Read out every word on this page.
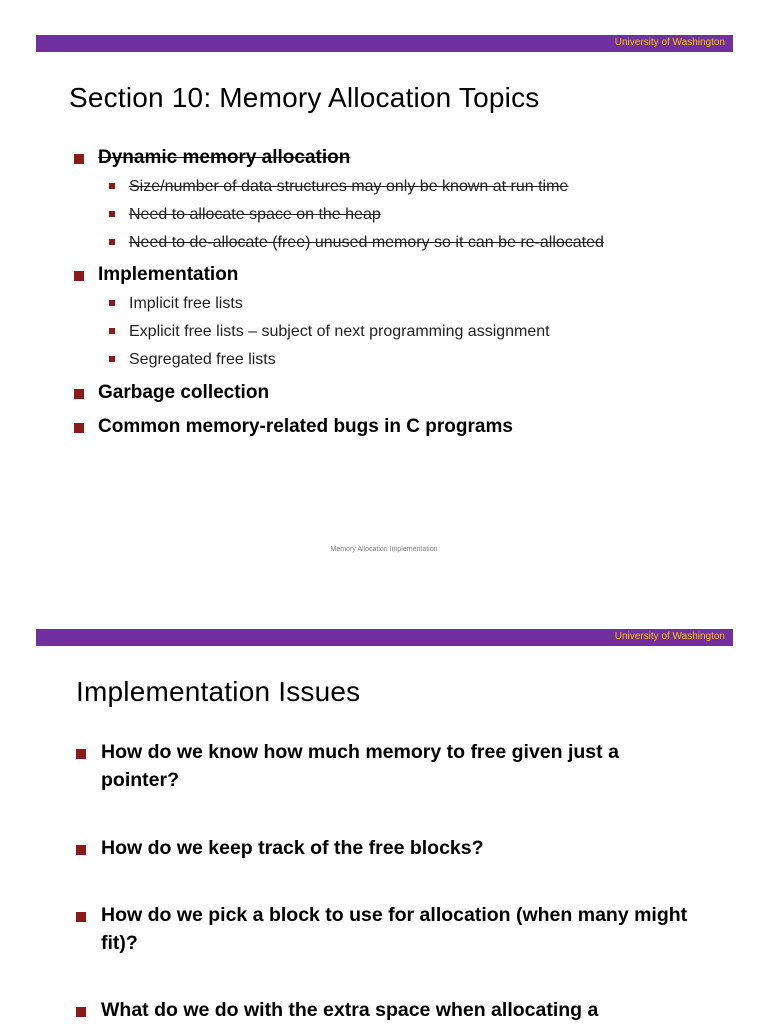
University of Washington
Section 10: Memory Allocation Topics
Dynamic memory allocation
Size/number of data structures may only be known at run time
Need to allocate space on the heap
Need to de-allocate (free) unused memory so it can be re-allocated
Implementation
Implicit free lists
Explicit free lists – subject of next programming assignment
Segregated free lists
Garbage collection
Common memory-related bugs in C programs
Memory Allocation Implementation
University of Washington
Implementation Issues
How do we know how much memory to free given just a pointer?
How do we keep track of the free blocks?
How do we pick a block to use for allocation (when many might fit)?
What do we do with the extra space when allocating a
